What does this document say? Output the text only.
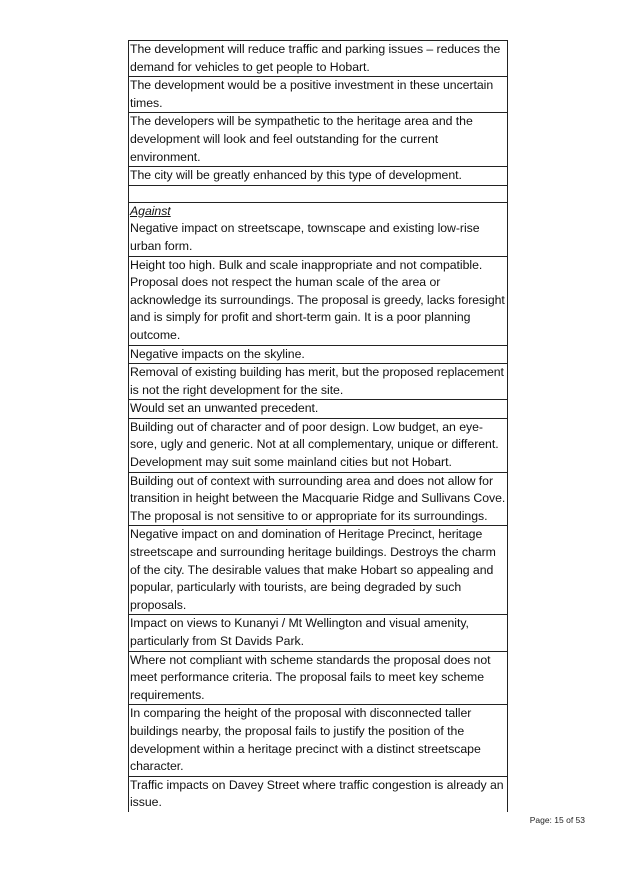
The development will reduce traffic and parking issues – reduces the demand for vehicles to get people to Hobart.
The development would be a positive investment in these uncertain times.
The developers will be sympathetic to the heritage area and the development will look and feel outstanding for the current environment.
The city will be greatly enhanced by this type of development.
Against
Negative impact on streetscape, townscape and existing low-rise urban form.
Height too high. Bulk and scale inappropriate and not compatible. Proposal does not respect the human scale of the area or acknowledge its surroundings. The proposal is greedy, lacks foresight and is simply for profit and short-term gain. It is a poor planning outcome.
Negative impacts on the skyline.
Removal of existing building has merit, but the proposed replacement is not the right development for the site.
Would set an unwanted precedent.
Building out of character and of poor design. Low budget, an eye-sore, ugly and generic. Not at all complementary, unique or different. Development may suit some mainland cities but not Hobart.
Building out of context with surrounding area and does not allow for transition in height between the Macquarie Ridge and Sullivans Cove. The proposal is not sensitive to or appropriate for its surroundings.
Negative impact on and domination of Heritage Precinct, heritage streetscape and surrounding heritage buildings. Destroys the charm of the city. The desirable values that make Hobart so appealing and popular, particularly with tourists, are being degraded by such proposals.
Impact on views to Kunanyi / Mt Wellington and visual amenity, particularly from St Davids Park.
Where not compliant with scheme standards the proposal does not meet performance criteria. The proposal fails to meet key scheme requirements.
In comparing the height of the proposal with disconnected taller buildings nearby, the proposal fails to justify the position of the development within a heritage precinct with a distinct streetscape character.
Traffic impacts on Davey Street where traffic congestion is already an issue.
Page: 15 of 53
